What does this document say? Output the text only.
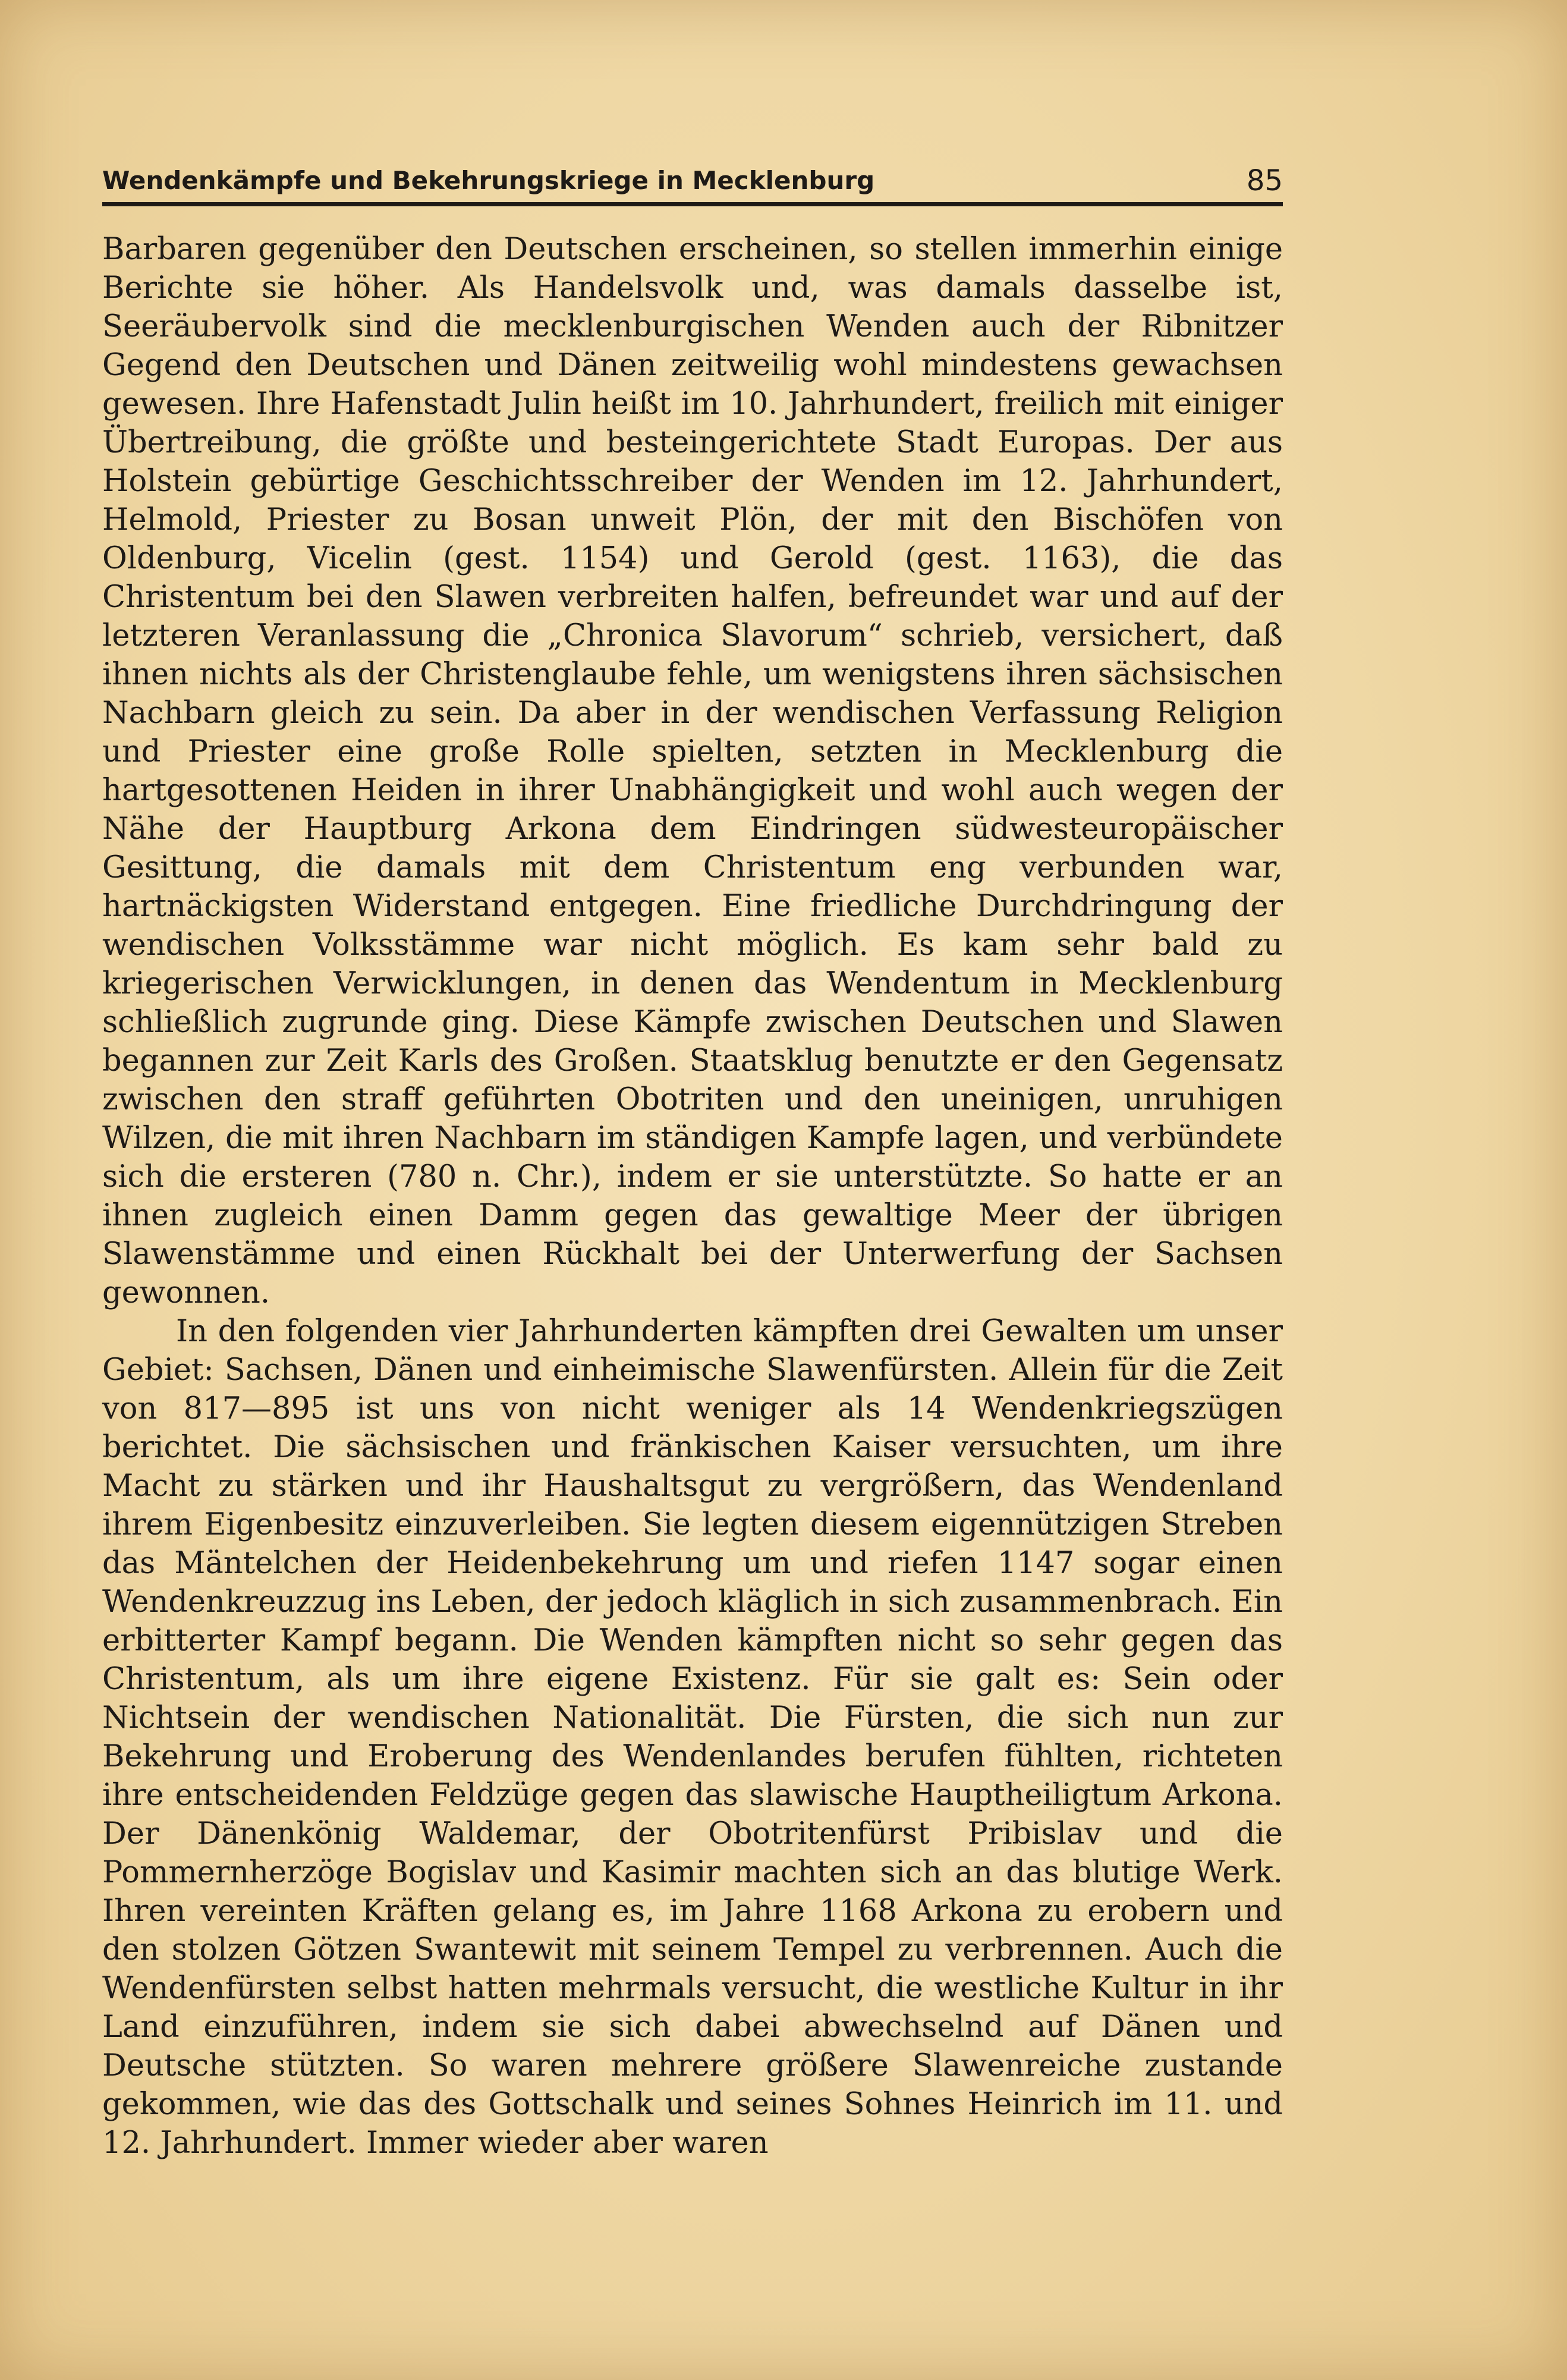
Wendenkämpfe und Bekehrungskriege in Mecklenburg	85

Barbaren gegenüber den Deutschen erscheinen, so stellen immerhin einige Berichte sie höher. Als Handelsvolk und, was damals dasselbe ist, Seeräubervolk sind die mecklenburgischen Wenden auch der Ribnitzer Gegend den Deutschen und Dänen zeitweilig wohl mindestens gewachsen gewesen. Ihre Hafenstadt Julin heißt im 10. Jahrhundert, freilich mit einiger Übertreibung, die größte und besteingerichtete Stadt Europas. Der aus Holstein gebürtige Geschichtsschreiber der Wenden im 12. Jahrhundert, Helmold, Priester zu Bosan unweit Plön, der mit den Bischöfen von Oldenburg, Vicelin (gest. 1154) und Gerold (gest. 1163), die das Christentum bei den Slawen verbreiten halfen, befreundet war und auf der letzteren Veranlassung die „Chronica Slavorum“ schrieb, versichert, daß ihnen nichts als der Christenglaube fehle, um wenigstens ihren sächsischen Nachbarn gleich zu sein. Da aber in der wendischen Verfassung Religion und Priester eine große Rolle spielten, setzten in Mecklenburg die hartgesottenen Heiden in ihrer Unabhängigkeit und wohl auch wegen der Nähe der Hauptburg Arkona dem Eindringen südwesteuropäischer Gesittung, die damals mit dem Christentum eng verbunden war, hartnäckigsten Widerstand entgegen. Eine friedliche Durchdringung der wendischen Volksstämme war nicht möglich. Es kam sehr bald zu kriegerischen Verwicklungen, in denen das Wendentum in Mecklenburg schließlich zugrunde ging. Diese Kämpfe zwischen Deutschen und Slawen begannen zur Zeit Karls des Großen. Staatsklug benutzte er den Gegensatz zwischen den straff geführten Obotriten und den uneinigen, unruhigen Wilzen, die mit ihren Nachbarn im ständigen Kampfe lagen, und verbündete sich die ersteren (780 n. Chr.), indem er sie unterstützte. So hatte er an ihnen zugleich einen Damm gegen das gewaltige Meer der übrigen Slawenstämme und einen Rückhalt bei der Unterwerfung der Sachsen gewonnen.

In den folgenden vier Jahrhunderten kämpften drei Gewalten um unser Gebiet: Sachsen, Dänen und einheimische Slawenfürsten. Allein für die Zeit von 817—895 ist uns von nicht weniger als 14 Wendenkriegszügen berichtet. Die sächsischen und fränkischen Kaiser versuchten, um ihre Macht zu stärken und ihr Haushaltsgut zu vergrößern, das Wendenland ihrem Eigenbesitz einzuverleiben. Sie legten diesem eigennützigen Streben das Mäntelchen der Heidenbekehrung um und riefen 1147 sogar einen Wendenkreuzzug ins Leben, der jedoch kläglich in sich zusammenbrach. Ein erbitterter Kampf begann. Die Wenden kämpften nicht so sehr gegen das Christentum, als um ihre eigene Existenz. Für sie galt es: Sein oder Nichtsein der wendischen Nationalität. Die Fürsten, die sich nun zur Bekehrung und Eroberung des Wendenlandes berufen fühlten, richteten ihre entscheidenden Feldzüge gegen das slawische Hauptheiligtum Arkona. Der Dänenkönig Waldemar, der Obotritenfürst Pribislav und die Pommernherzöge Bogislav und Kasimir machten sich an das blutige Werk. Ihren vereinten Kräften gelang es, im Jahre 1168 Arkona zu erobern und den stolzen Götzen Swantewit mit seinem Tempel zu verbrennen. Auch die Wendenfürsten selbst hatten mehrmals versucht, die westliche Kultur in ihr Land einzuführen, indem sie sich dabei abwechselnd auf Dänen und Deutsche stützten. So waren mehrere größere Slawenreiche zustande gekommen, wie das des Gottschalk und seines Sohnes Heinrich im 11. und 12. Jahrhundert. Immer wieder aber waren
